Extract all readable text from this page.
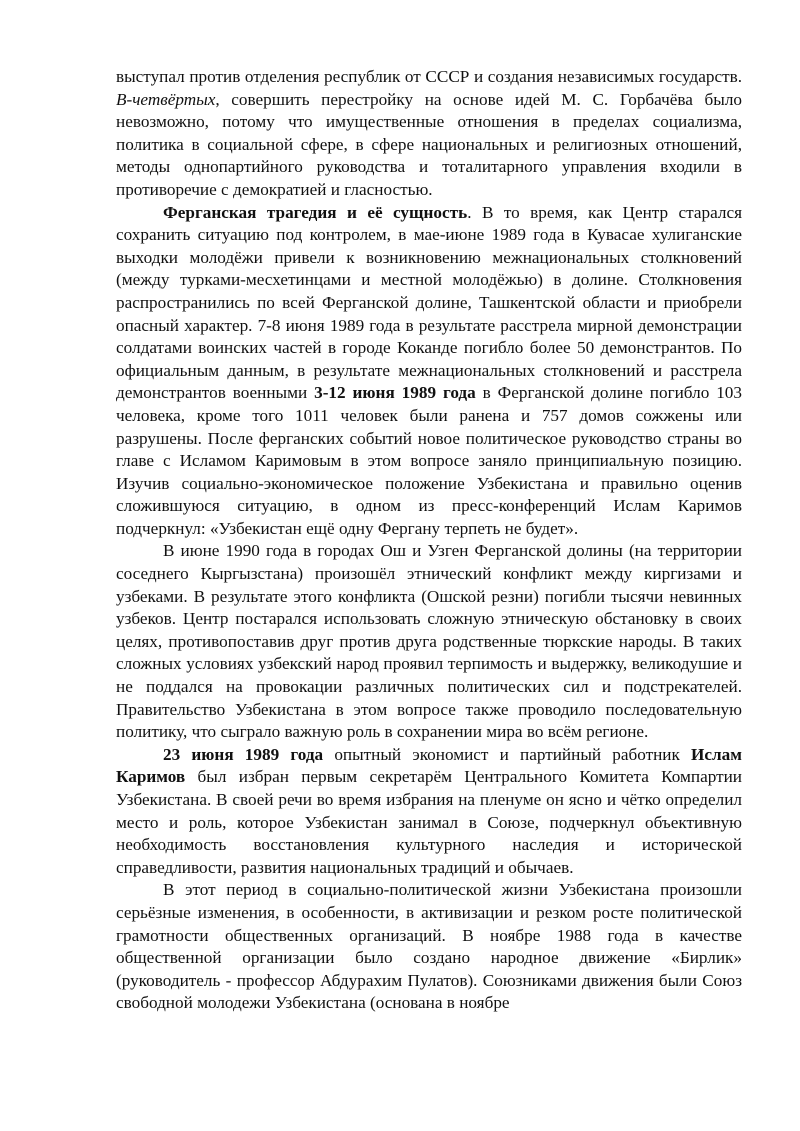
выступал против отделения республик от СССР и создания независимых государств. В-четвёртых, совершить перестройку на основе идей М. С. Горбачёва было невозможно, потому что имущественные отношения в пределах социализма, политика в социальной сфере, в сфере национальных и религиозных отношений, методы однопартийного руководства и тоталитарного управления входили в противоречие с демократией и гласностью.

Ферганская трагедия и её сущность. В то время, как Центр старался сохранить ситуацию под контролем, в мае-июне 1989 года в Кувасае хулиганские выходки молодёжи привели к возникновению межнациональных столкновений (между турками-месхетинцами и местной молодёжью) в долине. Столкновения распространились по всей Ферганской долине, Ташкентской области и приобрели опасный характер. 7-8 июня 1989 года в результате расстрела мирной демонстрации солдатами воинских частей в городе Коканде погибло более 50 демонстрантов. По официальным данным, в результате межнациональных столкновений и расстрела демонстрантов военными 3-12 июня 1989 года в Ферганской долине погибло 103 человека, кроме того 1011 человек были ранена и 757 домов сожжены или разрушены. После ферганских событий новое политическое руководство страны во главе с Исламом Каримовым в этом вопросе заняло принципиальную позицию. Изучив социально-экономическое положение Узбекистана и правильно оценив сложившуюся ситуацию, в одном из пресс-конференций Ислам Каримов подчеркнул: «Узбекистан ещё одну Фергану терпеть не будет».

В июне 1990 года в городах Ош и Узген Ферганской долины (на территории соседнего Кыргызстана) произошёл этнический конфликт между киргизами и узбеками. В результате этого конфликта (Ошской резни) погибли тысячи невинных узбеков. Центр постарался использовать сложную этническую обстановку в своих целях, противопоставив друг против друга родственные тюркские народы. В таких сложных условиях узбекский народ проявил терпимость и выдержку, великодушие и не поддался на провокации различных политических сил и подстрекателей. Правительство Узбекистана в этом вопросе также проводило последовательную политику, что сыграло важную роль в сохранении мира во всём регионе.

23 июня 1989 года опытный экономист и партийный работник Ислам Каримов был избран первым секретарём Центрального Комитета Компартии Узбекистана. В своей речи во время избрания на пленуме он ясно и чётко определил место и роль, которое Узбекистан занимал в Союзе, подчеркнул объективную необходимость восстановления культурного наследия и исторической справедливости, развития национальных традиций и обычаев.

В этот период в социально-политической жизни Узбекистана произошли серьёзные изменения, в особенности, в активизации и резком росте политической грамотности общественных организаций. В ноябре 1988 года в качестве общественной организации было создано народное движение «Бирлик» (руководитель - профессор Абдурахим Пулатов). Союзниками движения были Союз свободной молодежи Узбекистана (основана в ноябре
